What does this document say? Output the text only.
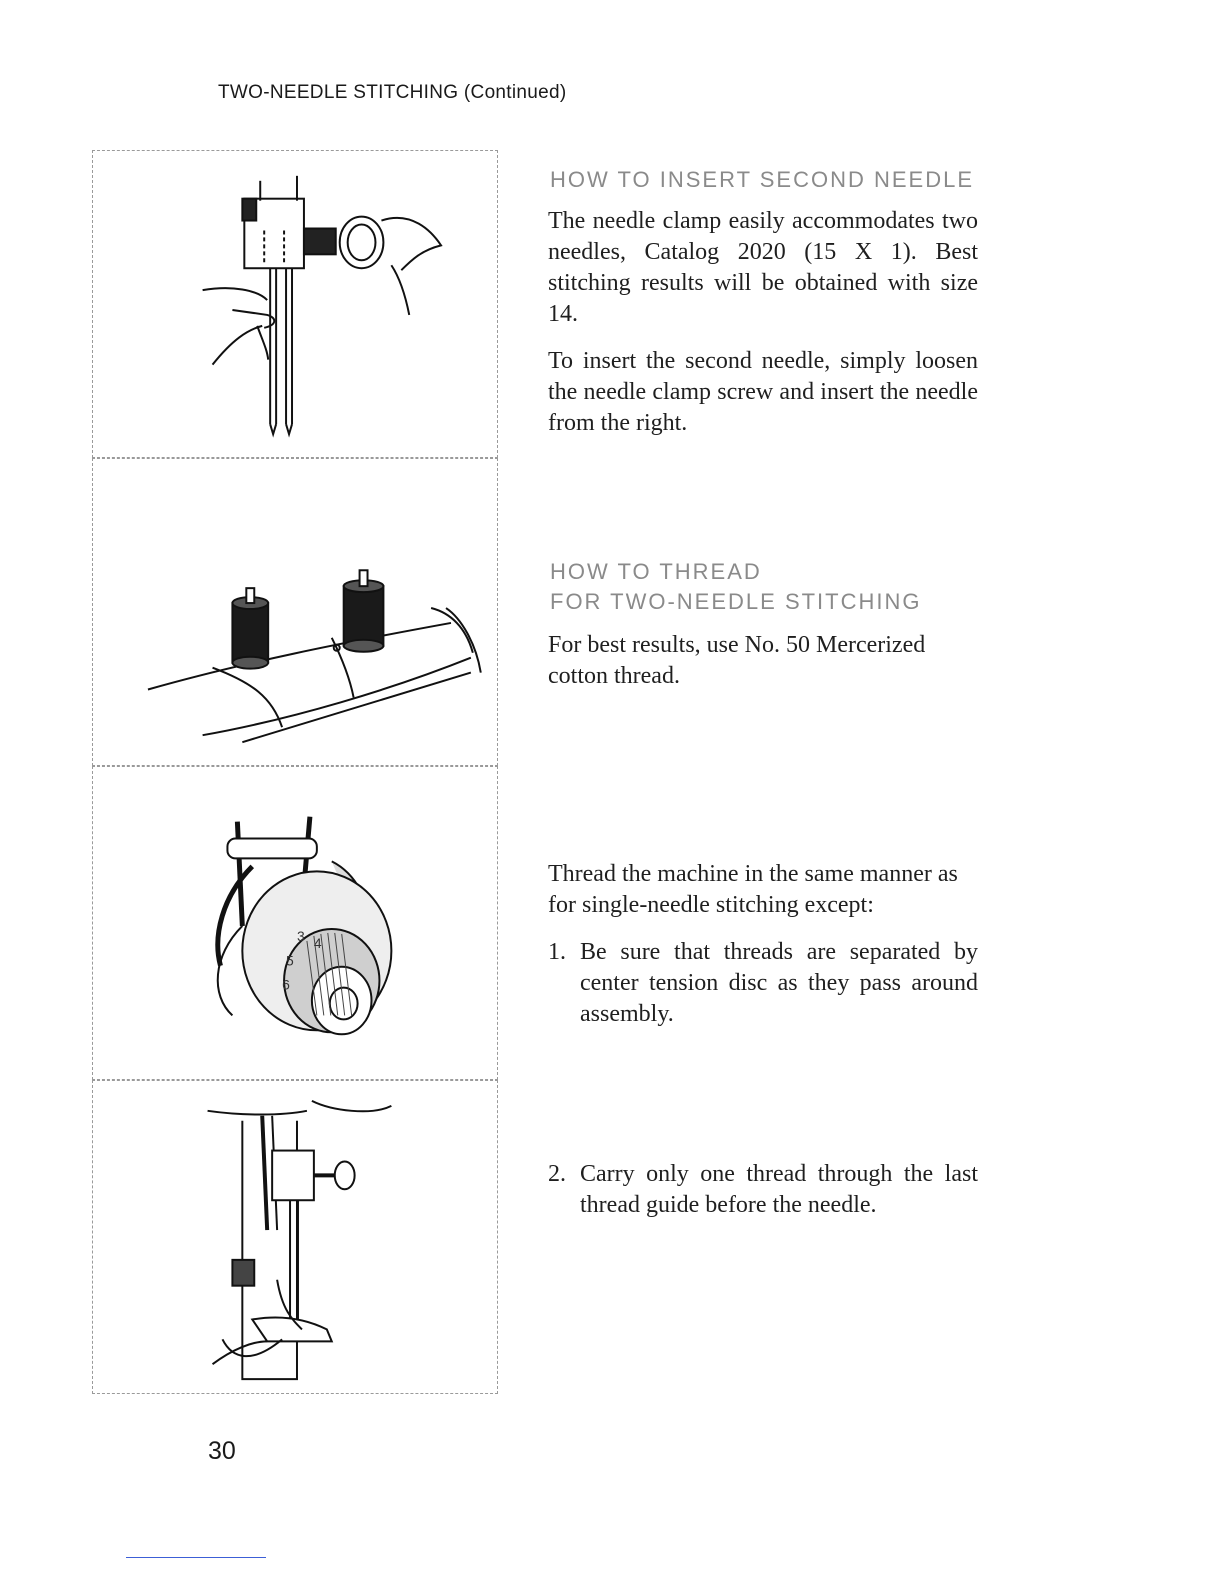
TWO-NEEDLE STITCHING (Continued)
3 4
5
6
HOW TO INSERT SECOND NEEDLE

The needle clamp easily accommodates two needles, Catalog 2020 (15 X 1). Best stitching results will be obtained with size 14.

To insert the second needle, simply loosen the needle clamp screw and insert the needle from the right.

HOW TO THREAD
FOR TWO-NEEDLE STITCHING

For best results, use No. 50 Mercerized cotton thread.

Thread the machine in the same manner as for single-needle stitching except:

1. Be sure that threads are separated by center tension disc as they pass around assembly.
2. Carry only one thread through the last thread guide before the needle.
30
